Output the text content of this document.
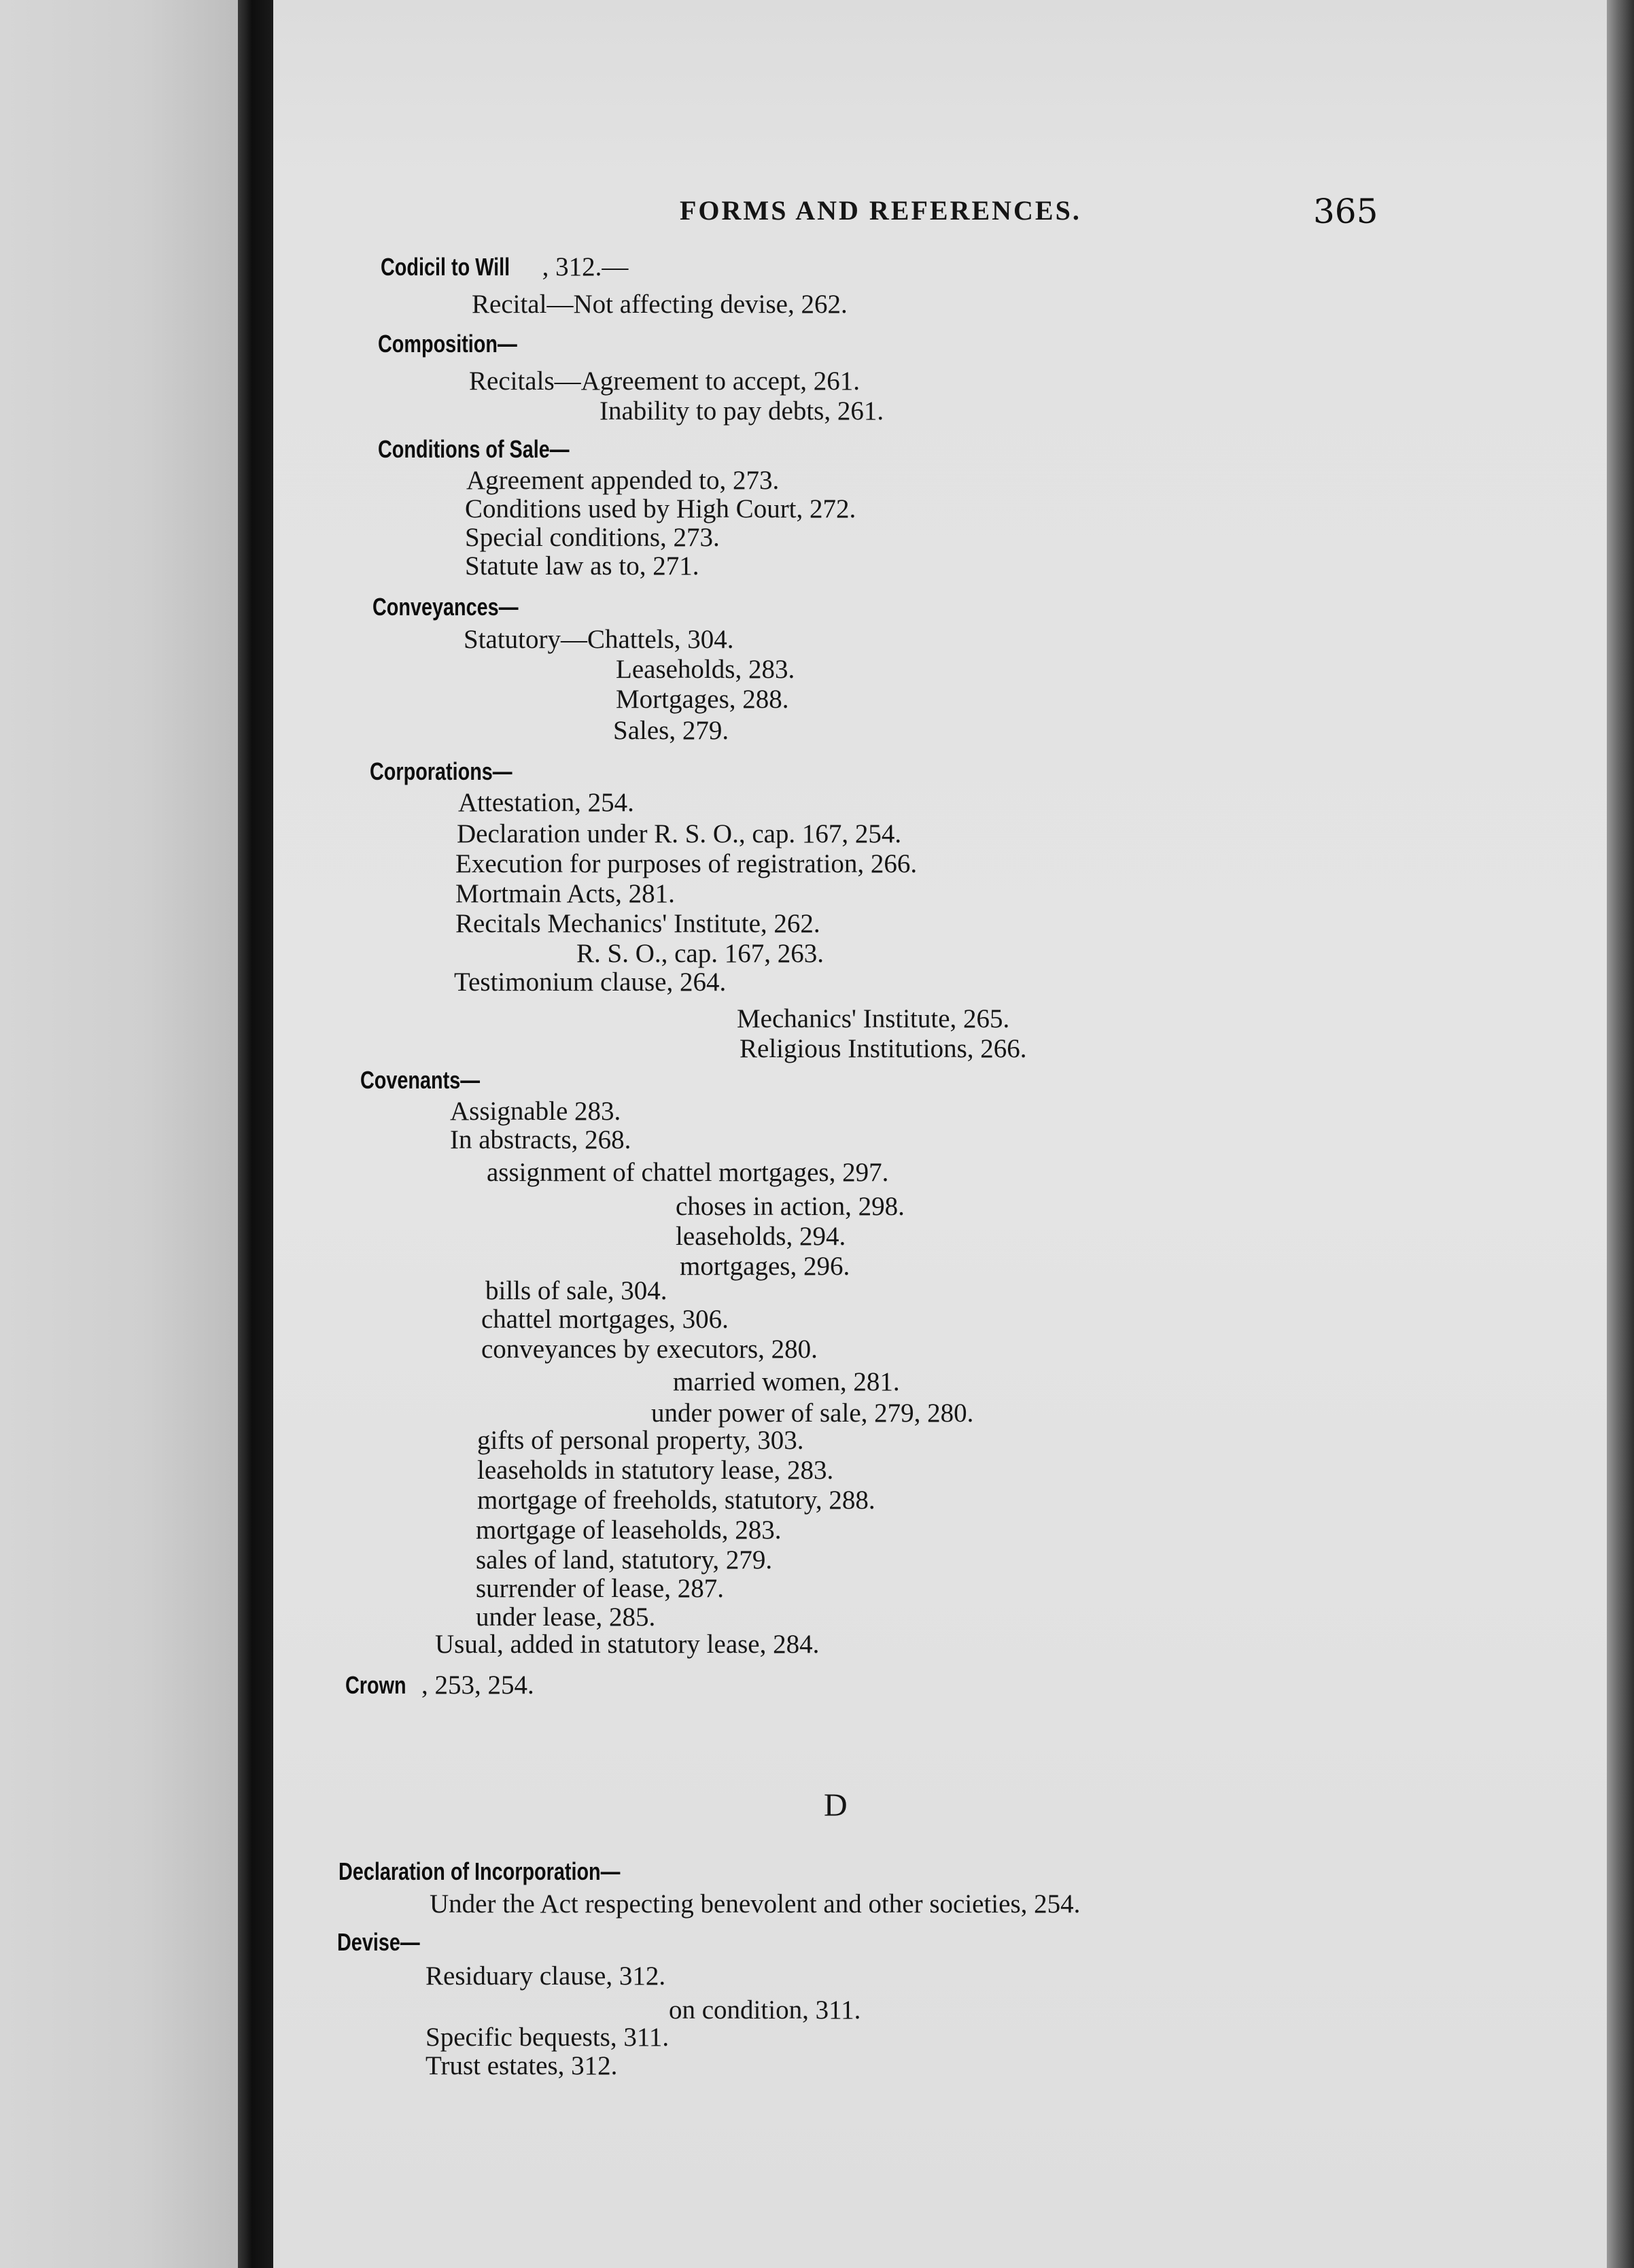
FORMS AND REFERENCES.	365
Codicil to Will , 312.—
Recital—Not affecting devise, 262.
Composition—
Recitals—Agreement to accept, 261.
Inability to pay debts, 261.
Conditions of Sale—
Agreement appended to, 273.
Conditions used by High Court, 272.
Special conditions, 273.
Statute law as to, 271.
Conveyances—
Statutory—Chattels, 304.
Leaseholds, 283.
Mortgages, 288.
Sales, 279.
Corporations—
Attestation, 254.
Declaration under R. S. O., cap. 167, 254.
Execution for purposes of registration, 266.
Mortmain Acts, 281.
Recitals Mechanics' Institute, 262.
R. S. O., cap. 167, 263.
Testimonium clause, 264.
Mechanics' Institute, 265.
Religious Institutions, 266.
Covenants—
Assignable 283.
In abstracts, 268.
assignment of chattel mortgages, 297.
choses in action, 298.
leaseholds, 294.
mortgages, 296.
bills of sale, 304.
chattel mortgages, 306.
conveyances by executors, 280.
married women, 281.
under power of sale, 279, 280.
gifts of personal property, 303.
leaseholds in statutory lease, 283.
mortgage of freeholds, statutory, 288.
mortgage of leaseholds, 283.
sales of land, statutory, 279.
surrender of lease, 287.
under lease, 285.
Usual, added in statutory lease, 284.
Crown , 253, 254.
D
Declaration of Incorporation—
Under the Act respecting benevolent and other societies, 254.
Devise—
Residuary clause, 312.
on condition, 311.
Specific bequests, 311.
Trust estates, 312.
